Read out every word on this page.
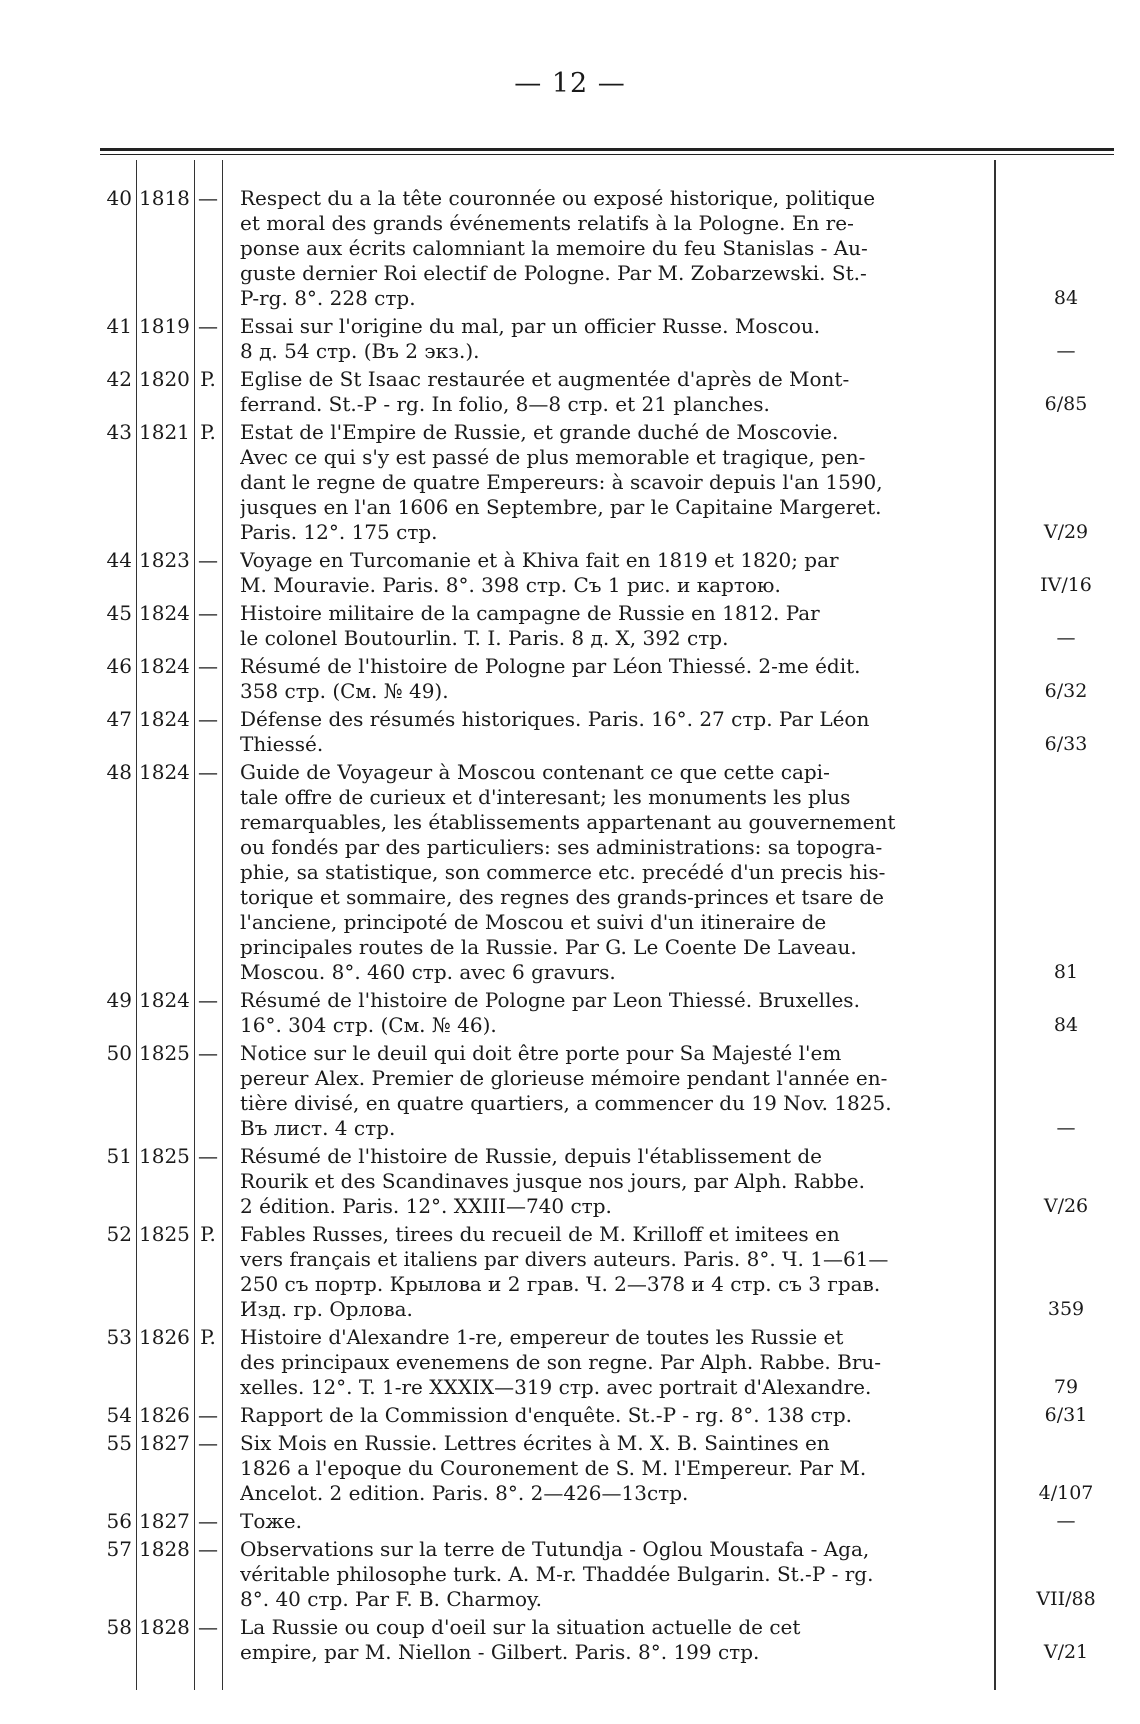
— 12 —
40 1818 — Respect du a la tête couronnée ou exposé historique, politique
et moral des grands événements relatifs à la Pologne. En re-
ponse aux écrits calomniant la memoire du feu Stanislas - Au-
guste dernier Roi electif de Pologne. Par M. Zobarzewski. St.-
P-rg. 8°. 228 стр.	84
41 1819 — Essai sur l'origine du mal, par un officier Russe. Moscou.
8 д. 54 стр. (Въ 2 экз.).	—
42 1820 P. Eglise de St Isaac restaurée et augmentée d'après de Mont-
ferrand. St.-P - rg. In folio, 8—8 стр. et 21 planches.	6/85
43 1821 P. Estat de l'Empire de Russie, et grande duché de Moscovie.
Avec ce qui s'y est passé de plus memorable et tragique, pen-
dant le regne de quatre Empereurs: à scavoir depuis l'an 1590,
jusques en l'an 1606 en Septembre, par le Capitaine Margeret.
Paris. 12°. 175 стр.	V/29
44 1823 — Voyage en Turcomanie et à Khiva fait en 1819 et 1820; par
M. Mouravie. Paris. 8°. 398 стр. Съ 1 рис. и картою.	IV/16
45 1824 — Histoire militaire de la campagne de Russie en 1812. Par
le colonel Boutourlin. T. I. Paris. 8 д. X, 392 стр.	—
46 1824 — Résumé de l'histoire de Pologne par Léon Thiessé. 2-me édit.
358 стр. (См. № 49).	6/32
47 1824 — Défense des résumés historiques. Paris. 16°. 27 стр. Par Léon
Thiessé.	6/33
48 1824 — Guide de Voyageur à Moscou contenant ce que cette capi-
tale offre de curieux et d'interesant; les monuments les plus
remarquables, les établissements appartenant au gouvernement
ou fondés par des particuliers: ses administrations: sa topogra-
phie, sa statistique, son commerce etc. precédé d'un precis his-
torique et sommaire, des regnes des grands-princes et tsare de
l'anciene, principoté de Moscou et suivi d'un itineraire de
principales routes de la Russie. Par G. Le Coente De Laveau.
Moscou. 8°. 460 стр. avec 6 gravurs.	81
49 1824 — Résumé de l'histoire de Pologne par Leon Thiessé. Bruxelles.
16°. 304 стр. (См. № 46).	84
50 1825 — Notice sur le deuil qui doit être porte pour Sa Majesté l'em
pereur Alex. Premier de glorieuse mémoire pendant l'année en-
tière divisé, en quatre quartiers, a commencer du 19 Nov. 1825.
Въ лист. 4 стр.	—
51 1825 — Résumé de l'histoire de Russie, depuis l'établissement de
Rourik et des Scandinaves jusque nos jours, par Alph. Rabbe.
2 édition. Paris. 12°. XXIII—740 стр.	V/26
52 1825 P. Fables Russes, tirees du recueil de M. Krilloff et imitees en
vers français et italiens par divers auteurs. Paris. 8°. Ч. 1—61—
250 съ портр. Крылова и 2 грав. Ч. 2—378 и 4 стр. съ 3 грав.
Изд. гр. Орлова.	359
53 1826 P. Histoire d'Alexandre 1-re, empereur de toutes les Russie et
des principaux evenemens de son regne. Par Alph. Rabbe. Bru-
xelles. 12°. T. 1-re XXXIX—319 стр. avec portrait d'Alexandre.	79
54 1826 — Rapport de la Commission d'enquête. St.-P - rg. 8°. 138 стр.	6/31
55 1827 — Six Mois en Russie. Lettres écrites à M. X. B. Saintines en
1826 a l'epoque du Couronement de S. M. l'Empereur. Par M.
Ancelot. 2 edition. Paris. 8°. 2—426—13стр.	4/107
56 1827 — Тоже.	—
57 1828 — Observations sur la terre de Tutundja - Oglou Moustafa - Aga,
véritable philosophe turk. A. M-r. Thaddée Bulgarin. St.-P - rg.
8°. 40 стр. Par F. B. Charmoy.	VII/88
58 1828 — La Russie ou coup d'oeil sur la situation actuelle de cet
empire, par M. Niellon - Gilbert. Paris. 8°. 199 стр.	V/21
